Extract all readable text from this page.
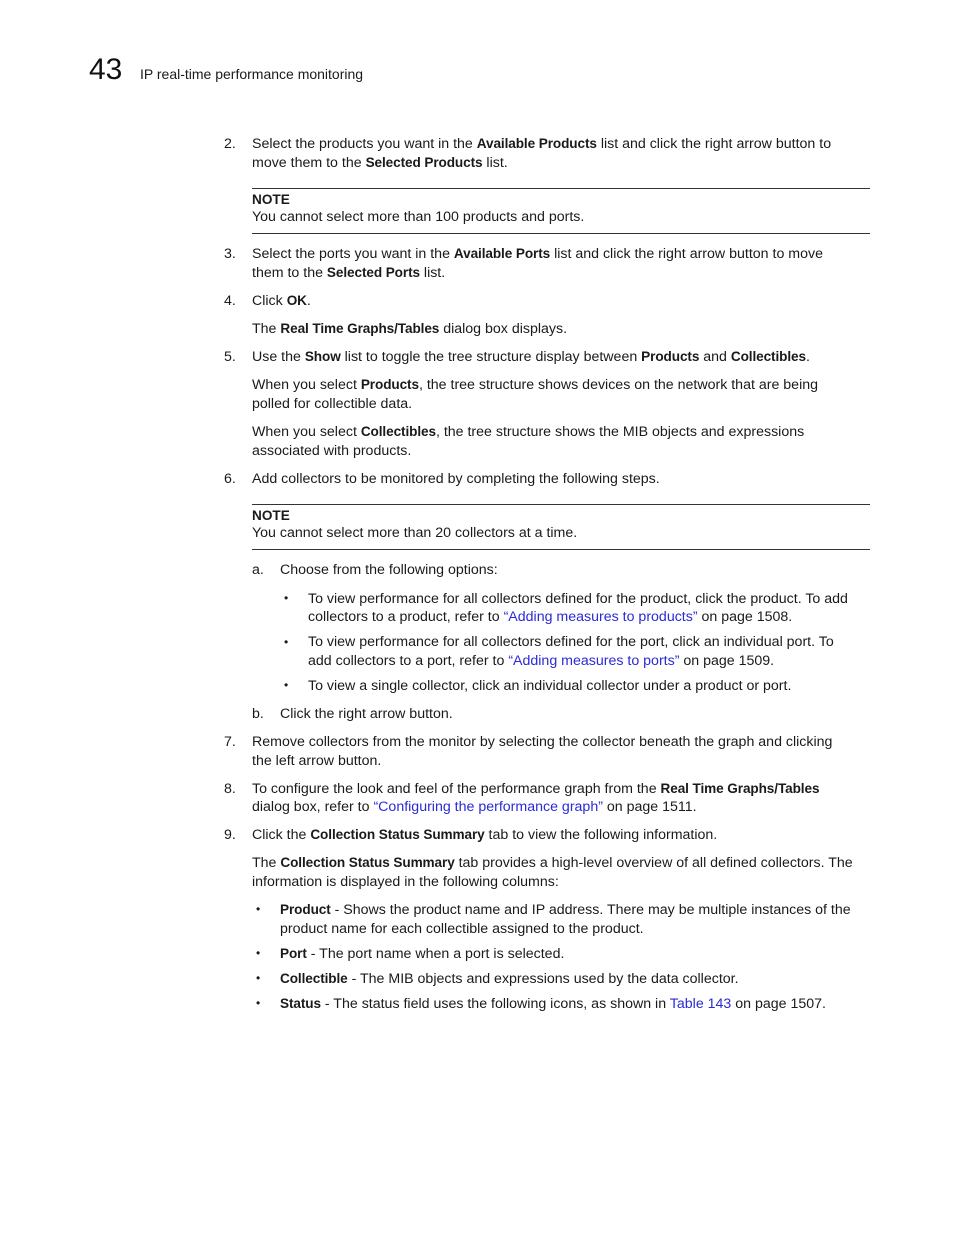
43 IP real-time performance monitoring
2. Select the products you want in the Available Products list and click the right arrow button to
move them to the Selected Products list.
NOTE
You cannot select more than 100 products and ports.
3. Select the ports you want in the Available Ports list and click the right arrow button to move
them to the Selected Ports list.
4. Click OK.
The Real Time Graphs/Tables dialog box displays.
5. Use the Show list to toggle the tree structure display between Products and Collectibles.
When you select Products, the tree structure shows devices on the network that are being
polled for collectible data.
When you select Collectibles, the tree structure shows the MIB objects and expressions
associated with products.
6. Add collectors to be monitored by completing the following steps.
NOTE
You cannot select more than 20 collectors at a time.
a. Choose from the following options:
• To view performance for all collectors defined for the product, click the product. To add
collectors to a product, refer to “Adding measures to products” on page 1508.
• To view performance for all collectors defined for the port, click an individual port. To
add collectors to a port, refer to “Adding measures to ports” on page 1509.
• To view a single collector, click an individual collector under a product or port.
b. Click the right arrow button.
7. Remove collectors from the monitor by selecting the collector beneath the graph and clicking
the left arrow button.
8. To configure the look and feel of the performance graph from the Real Time Graphs/Tables
dialog box, refer to “Configuring the performance graph” on page 1511.
9. Click the Collection Status Summary tab to view the following information.
The Collection Status Summary tab provides a high-level overview of all defined collectors. The
information is displayed in the following columns:
• Product - Shows the product name and IP address. There may be multiple instances of the
product name for each collectible assigned to the product.
• Port - The port name when a port is selected.
• Collectible - The MIB objects and expressions used by the data collector.
• Status - The status field uses the following icons, as shown in Table 143 on page 1507.
